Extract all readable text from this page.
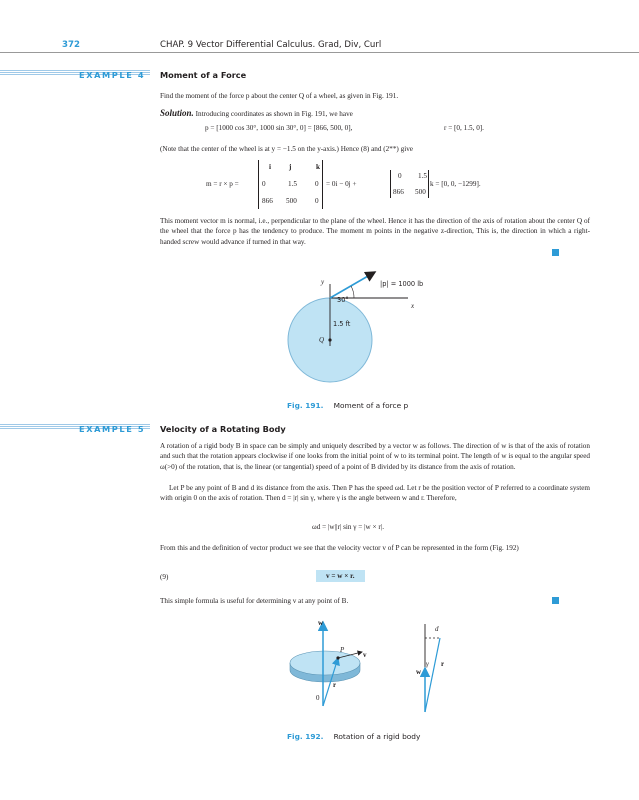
372	CHAP. 9 Vector Differential Calculus. Grad, Div, Curl
EXAMPLE 4 Moment of a Force

Find the moment of the force p about the center Q of a wheel, as given in Fig. 191.

Solution. Introducing coordinates as shown in Fig. 191, we have
p = [1000 cos 30°, 1000 sin 30°, 0] = [866, 500, 0],	r = [0, 1.5, 0].

(Note that the center of the wheel is at y = −1.5 on the y-axis.) Hence (8) and (2**) give

m = r × p =
i	j	k
0	1.5	0
866 500	0
= 0i − 0j +
0 1.5
866 500
k = [0, 0, −1299].

This moment vector m is normal, i.e., perpendicular to the plane of the wheel. Hence it has the direction of the axis of rotation about the center Q of the wheel that the force p has the tendency to produce. The moment m points in the negative z-direction, This is, the direction in which a right-handed screw would advance if turned in that way.

y	|p| = 1000 lb
30°
x
1.5 ft
Q
Fig. 191. Moment of a force p
EXAMPLE 5 Velocity of a Rotating Body

A rotation of a rigid body B in space can be simply and uniquely described by a vector w as follows. The direction of w is that of the axis of rotation and such that the rotation appears clockwise if one looks from the initial point of w to its terminal point. The length of w is equal to the angular speed ω(>0) of the rotation, that is, the linear (or tangential) speed of a point of B divided by its distance from the axis of rotation.

Let P be any point of B and d its distance from the axis. Then P has the speed ωd. Let r be the position vector of P referred to a coordinate system with origin 0 on the axis of rotation. Then d = |r| sin γ, where γ is the angle between w and r. Therefore,

ωd = |w||r| sin γ = |w × r|.

From this and the definition of vector product we see that the velocity vector v of P can be represented in the form (Fig. 192)

(9)	v = w × r.

This simple formula is useful for determining v at any point of B.

w
P
v
r
0
d
w
γ r
Fig. 192. Rotation of a rigid body
